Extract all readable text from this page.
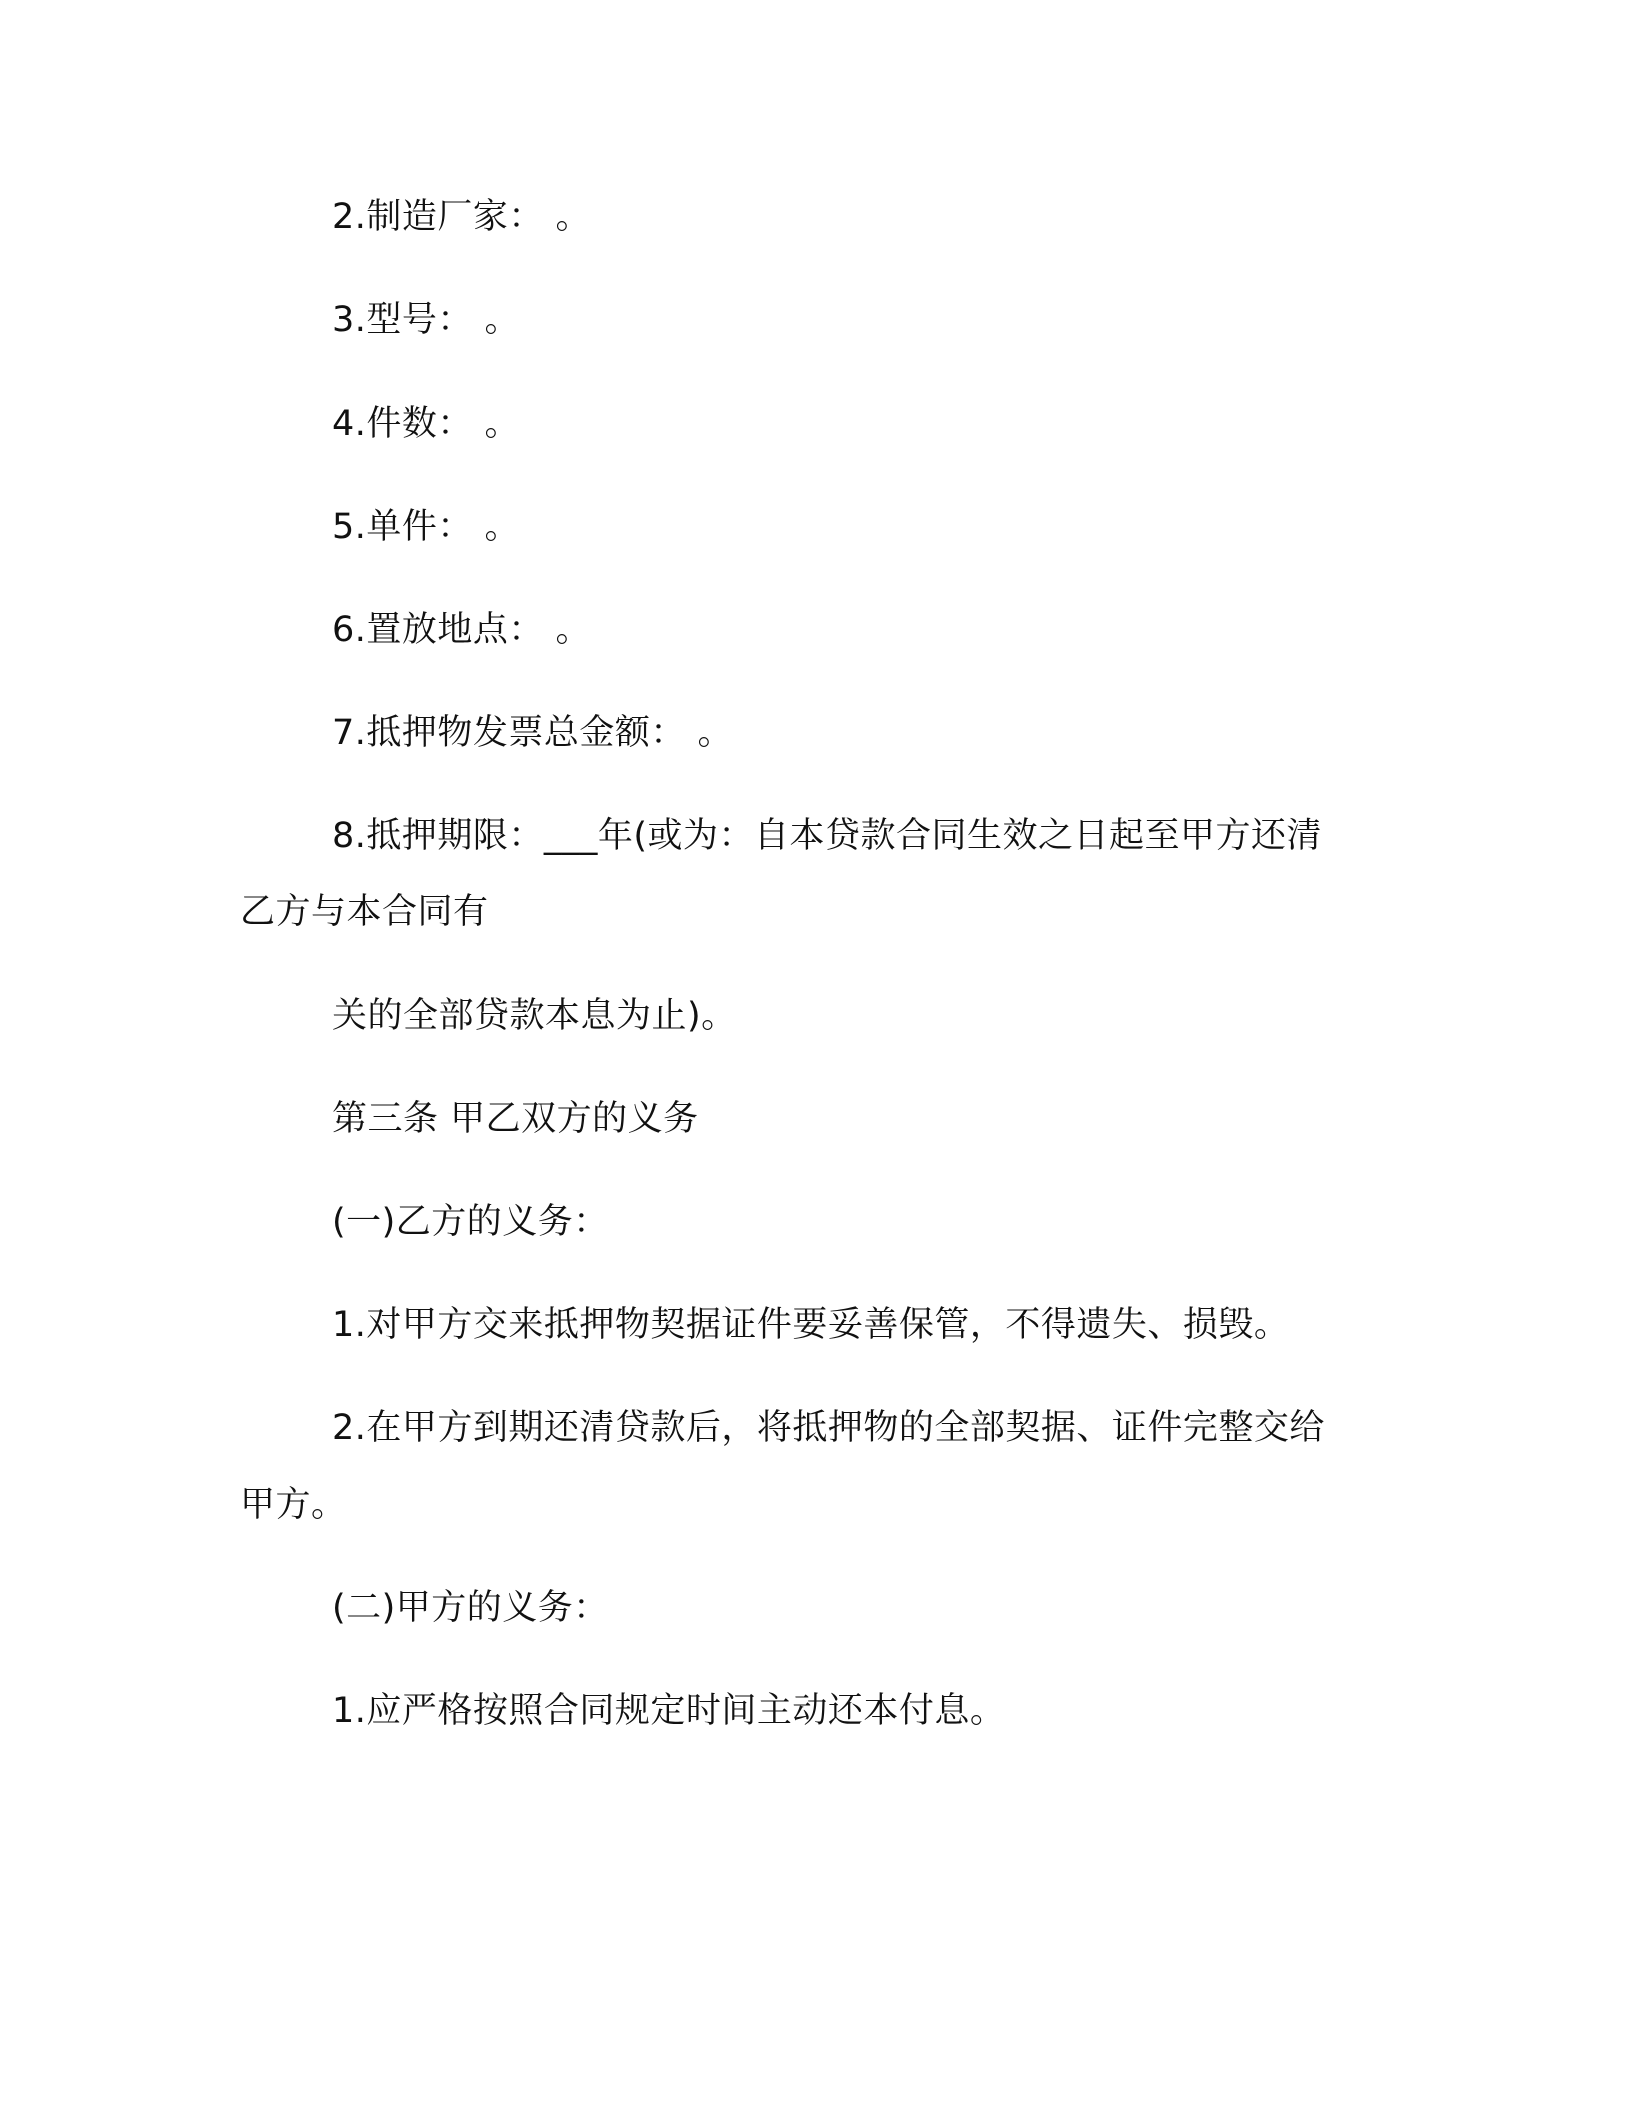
2.制造厂家： 。
3.型号： 。
4.件数： 。
5.单件： 。
6.置放地点： 。
7.抵押物发票总金额： 。
8.抵押期限：___年(或为：自本贷款合同生效之日起至甲方还清
乙方与本合同有
关的全部贷款本息为止)。
第三条 甲乙双方的义务
(一)乙方的义务：
1.对甲方交来抵押物契据证件要妥善保管，不得遗失、损毁。
2.在甲方到期还清贷款后，将抵押物的全部契据、证件完整交给
甲方。
(二)甲方的义务：
1.应严格按照合同规定时间主动还本付息。
